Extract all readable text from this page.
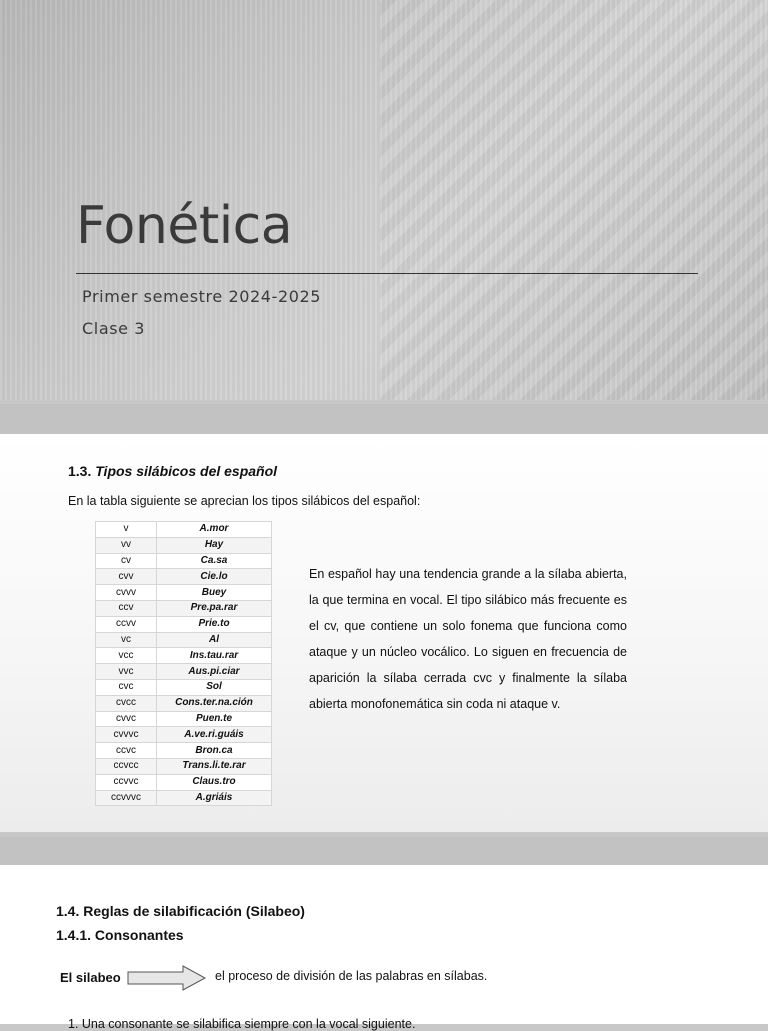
Fonética
Primer semestre 2024-2025
Clase 3
1.3. Tipos silábicos del español

En la tabla siguiente se aprecian los tipos silábicos del español:

v	A.mor
vv	Hay
cv	Ca.sa
cvv	Cie.lo
cvvv	Buey
ccv	Pre.pa.rar
ccvv	Prie.to
vc	Al
vcc	Ins.tau.rar
vvc	Aus.pi.ciar
cvc	Sol
cvcc	Cons.ter.na.ción
cvvc	Puen.te
cvvvc	A.ve.ri.guáis
ccvc	Bron.ca
ccvcc	Trans.li.te.rar
ccvvc	Claus.tro
ccvvvc	A.griáis

En español hay una tendencia grande a la sílaba abierta, la que termina en vocal. El tipo silábico más frecuente es el cv, que contiene un solo fonema que funciona como ataque y un núcleo vocálico. Lo siguen en frecuencia de aparición la sílaba cerrada cvc y finalmente la sílaba abierta monofonemática sin coda ni ataque v.

1.4. Reglas de silabificación (Silabeo)
1.4.1. Consonantes
El silabeo	el proceso de división de las palabras en sílabas.
1. Una consonante se silabifica siempre con la vocal siguiente.
